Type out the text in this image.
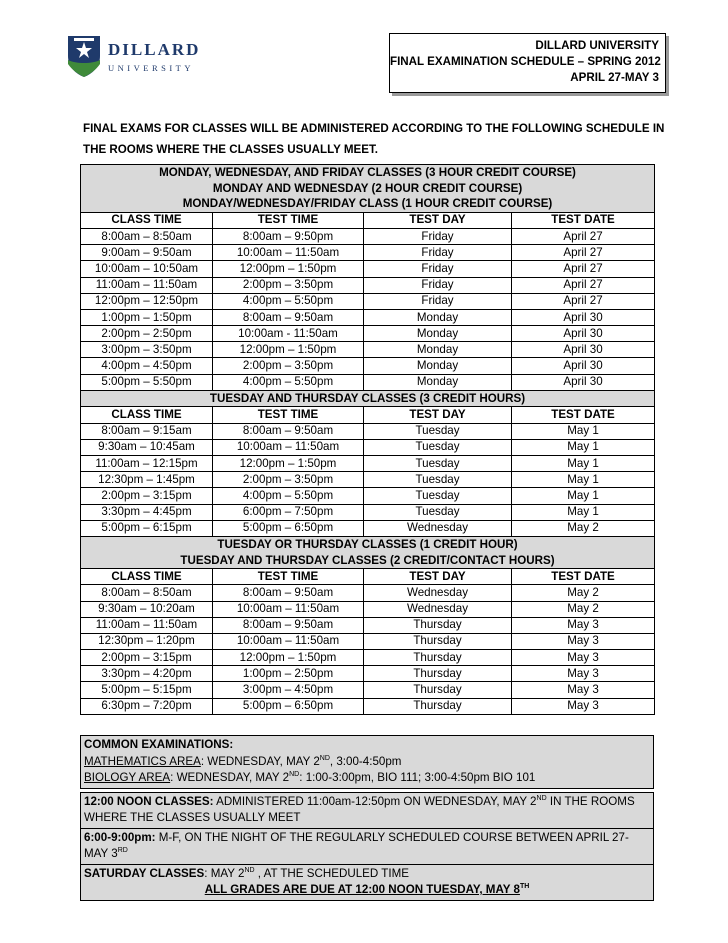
DILLARD
UNIVERSITY
DILLARD UNIVERSITY
FINAL EXAMINATION SCHEDULE – SPRING 2012
APRIL 27-MAY 3
FINAL EXAMS FOR CLASSES WILL BE ADMINISTERED ACCORDING TO THE FOLLOWING SCHEDULE IN THE ROOMS WHERE THE CLASSES USUALLY MEET.
MONDAY, WEDNESDAY, AND FRIDAY CLASSES (3 HOUR CREDIT COURSE)
MONDAY AND WEDNESDAY (2 HOUR CREDIT COURSE)
MONDAY/WEDNESDAY/FRIDAY CLASS (1 HOUR CREDIT COURSE)			

CLASS TIME	TEST TIME	TEST DAY	TEST DATE
8:00am – 8:50am	8:00am – 9:50pm	Friday	April 27
9:00am – 9:50am	10:00am – 11:50am	Friday	April 27
10:00am – 10:50am	12:00pm – 1:50pm	Friday	April 27
11:00am – 11:50am	2:00pm – 3:50pm	Friday	April 27
12:00pm – 12:50pm	4:00pm – 5:50pm	Friday	April 27
1:00pm – 1:50pm	8:00am – 9:50am	Monday	April 30
2:00pm – 2:50pm	10:00am - 11:50am	Monday	April 30
3:00pm – 3:50pm	12:00pm – 1:50pm	Monday	April 30
4:00pm – 4:50pm	2:00pm – 3:50pm	Monday	April 30
5:00pm – 5:50pm	4:00pm – 5:50pm	Monday	April 30

TUESDAY AND THURSDAY CLASSES (3 CREDIT HOURS)			

CLASS TIME	TEST TIME	TEST DAY	TEST DATE
8:00am – 9:15am	8:00am – 9:50am	Tuesday	May 1
9:30am – 10:45am	10:00am – 11:50am	Tuesday	May 1
11:00am – 12:15pm	12:00pm – 1:50pm	Tuesday	May 1
12:30pm – 1:45pm	2:00pm – 3:50pm	Tuesday	May 1
2:00pm – 3:15pm	4:00pm – 5:50pm	Tuesday	May 1
3:30pm – 4:45pm	6:00pm – 7:50pm	Tuesday	May 1
5:00pm – 6:15pm	5:00pm – 6:50pm	Wednesday	May 2

TUESDAY OR THURSDAY CLASSES (1 CREDIT HOUR)
TUESDAY AND THURSDAY CLASSES (2 CREDIT/CONTACT HOURS)			

CLASS TIME	TEST TIME	TEST DAY	TEST DATE
8:00am – 8:50am	8:00am – 9:50am	Wednesday	May 2
9:30am – 10:20am	10:00am – 11:50am	Wednesday	May 2
11:00am – 11:50am	8:00am – 9:50am	Thursday	May 3
12:30pm – 1:20pm	10:00am – 11:50am	Thursday	May 3
2:00pm – 3:15pm	12:00pm – 1:50pm	Thursday	May 3
3:30pm – 4:20pm	1:00pm – 2:50pm	Thursday	May 3
5:00pm – 5:15pm	3:00pm – 4:50pm	Thursday	May 3
6:30pm – 7:20pm	5:00pm – 6:50pm	Thursday	May 3
COMMON EXAMINATIONS:
MATHEMATICS AREA: WEDNESDAY, MAY 2ND, 3:00-4:50pm
BIOLOGY AREA: WEDNESDAY, MAY 2ND: 1:00-3:00pm, BIO 111; 3:00-4:50pm BIO 101

12:00 NOON CLASSES: ADMINISTERED 11:00am-12:50pm ON WEDNESDAY, MAY 2ND IN THE ROOMS WHERE THE CLASSES USUALLY MEET
6:00-9:00pm: M-F, ON THE NIGHT OF THE REGULARLY SCHEDULED COURSE BETWEEN APRIL 27-MAY 3RD
SATURDAY CLASSES: MAY 2ND , AT THE SCHEDULED TIME

ALL GRADES ARE DUE AT 12:00 NOON TUESDAY, MAY 8TH
